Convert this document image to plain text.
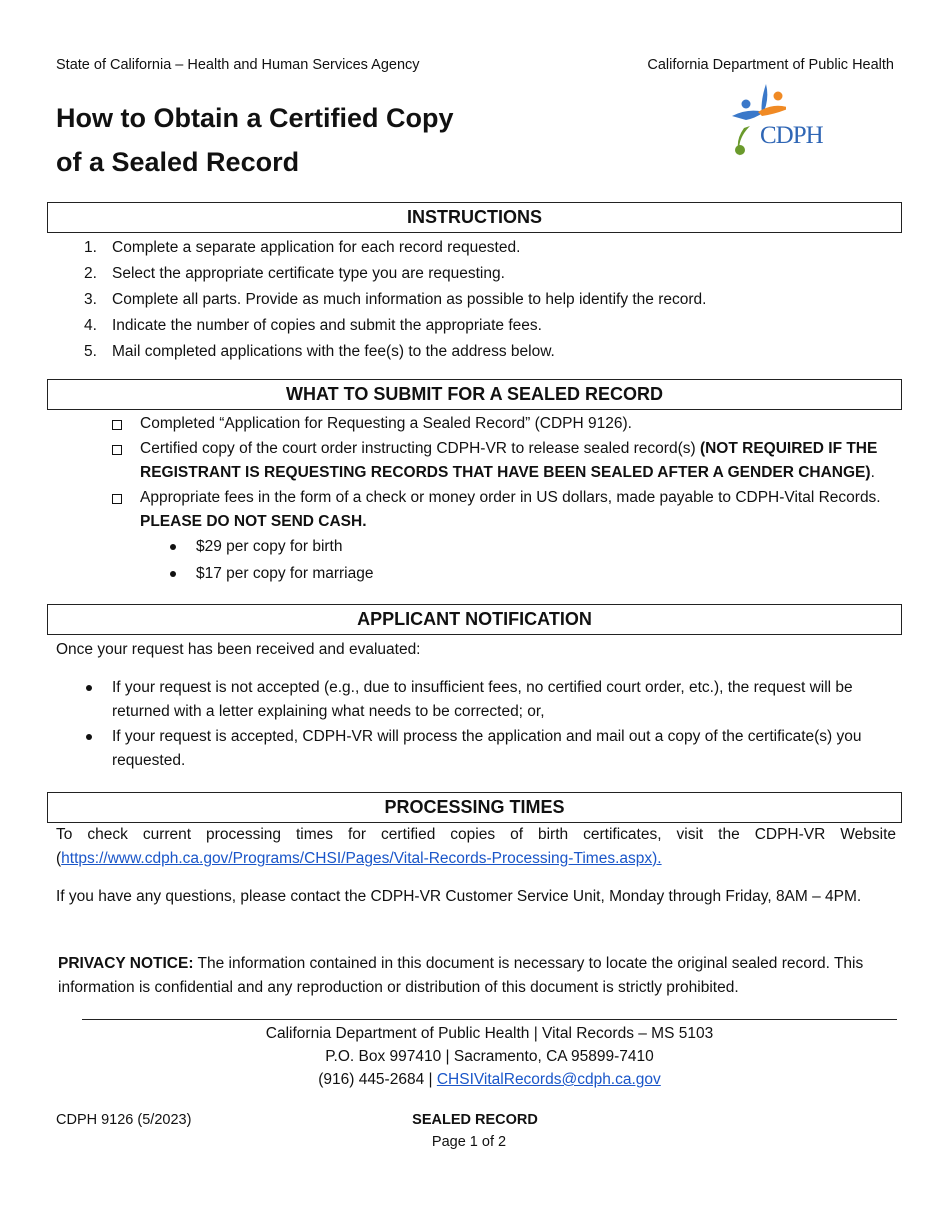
State of California – Health and Human Services Agency	California Department of Public Health
How to Obtain a Certified Copy
of a Sealed Record
CDPH
INSTRUCTIONS
1. Complete a separate application for each record requested.
2. Select the appropriate certificate type you are requesting.
3. Complete all parts. Provide as much information as possible to help identify the record.
4. Indicate the number of copies and submit the appropriate fees.
5. Mail completed applications with the fee(s) to the address below.
WHAT TO SUBMIT FOR A SEALED RECORD
Completed “Application for Requesting a Sealed Record” (CDPH 9126).
Certified copy of the court order instructing CDPH-VR to release sealed record(s) (NOT REQUIRED IF THE REGISTRANT IS REQUESTING RECORDS THAT HAVE BEEN SEALED AFTER A GENDER CHANGE).
Appropriate fees in the form of a check or money order in US dollars, made payable to CDPH-Vital Records. PLEASE DO NOT SEND CASH.
$29 per copy for birth
$17 per copy for marriage
APPLICANT NOTIFICATION

Once your request has been received and evaluated:

If your request is not accepted (e.g., due to insufficient fees, no certified court order, etc.), the request will be returned with a letter explaining what needs to be corrected; or,
If your request is accepted, CDPH-VR will process the application and mail out a copy of the certificate(s) you requested.
PROCESSING TIMES

To check current processing times for certified copies of birth certificates, visit the CDPH-VR Website (https://www.cdph.ca.gov/Programs/CHSI/Pages/Vital-Records-Processing-Times.aspx).

If you have any questions, please contact the CDPH-VR Customer Service Unit, Monday through Friday, 8AM – 4PM.

PRIVACY NOTICE: The information contained in this document is necessary to locate the original sealed record. This information is confidential and any reproduction or distribution of this document is strictly prohibited.

California Department of Public Health | Vital Records – MS 5103
P.O. Box 997410 | Sacramento, CA 95899-7410
(916) 445-2684 | CHSIVitalRecords@cdph.ca.gov
CDPH 9126 (5/2023)	SEALED RECORD
Page 1 of 2
